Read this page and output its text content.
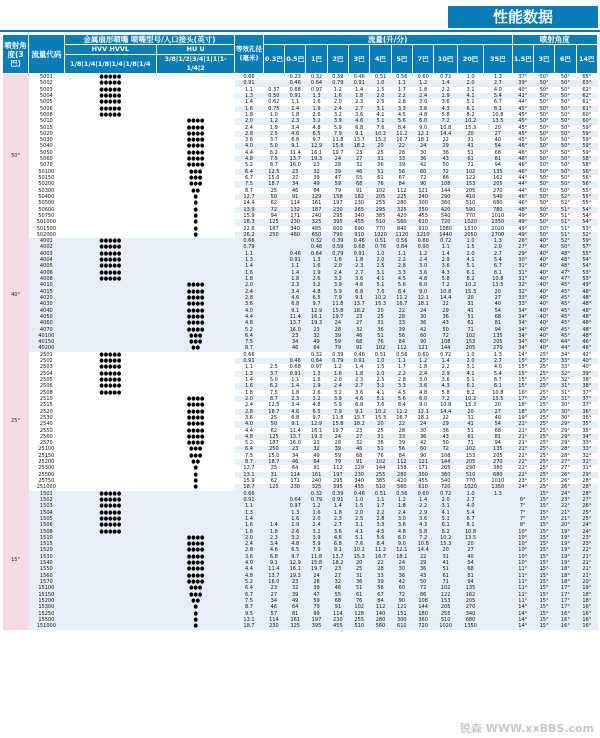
性能数据
喷射角度(3巴)	流量代码	金属扇形喷嘴 喷嘴型号/入口接头(英寸)		等效孔径(毫米)	流量(升/分)											喷射角度			
		HVV HVVL	HU U		0.3巴	0.5巴	1巴	2巴	3巴	4巴	5巴	7巴	10巴	20巴	35巴	1.5巴	3巴	6巴	14巴
		1/8|1/4|1/8|1/4|1/8|1/4	3/8|1/2|3/4|1|1|1-1/4|2																
50°	5001	●●●●●		0.66		0.23	0.32	0.39	0.46	0.51	0.56	0.60	0.72	1.0	1.3	37°	50°	50°	65°
	5002	●●●●●		0.91		0.46	0.64	0.79	0.91	1.0	1.1	1.2	1.4	2.0	2.7	39°	50°	50°	63°
	5003	●●●●●		1.1	0.37	0.68	0.97	1.2	1.4	1.5	1.7	1.8	2.2	3.1	4.0	40°	50°	50°	62°
	5004	●●●●●		1.3	0.50	0.91	1.3	1.6	1.8	2.0	2.2	2.4	2.9	4.1	5.4	42°	50°	50°	62°
	5005	●●●●●		1.4	0.62	1.1	1.6	2.0	2.3	2.5	2.8	3.0	3.6	5.1	6.7	44°	50°	50°	61°
	5006	●●●●●		1.6	0.75	1.4	1.9	2.4	2.7	3.1	3.3	3.6	4.3	6.1	8.1	45°	50°	50°	61°
	5008	●●●●●		1.8	1.0	1.8	2.6	3.2	3.6	4.1	4.5	4.8	5.8	8.2	10.8	45°	50°	50°	60°
	5010		●●●●	2.0	1.2	2.3	3.2	3.9	4.6	5.1	5.6	6.0	7.2	10.2	13.5	45°	50°	50°	60°
	5015		●●●●	2.4	1.9	3.4	4.8	5.9	6.8	7.6	8.4	9.0	10.8	15.3	20	45°	50°	50°	59°
	5020		●●●●	2.8	2.5	4.6	6.5	7.9	9.1	10.2	11.2	12.1	14.4	20	27	45°	50°	50°	59°
	5030		●●●●	3.6	3.7	6.8	9.7	11.8	13.7	15.3	16.7	18.1	22	31	40	45°	50°	50°	59°
	5040		●●●●	4.0	5.0	9.1	12.9	15.8	18.2	20	22	24	29	41	54	46°	50°	50°	59°
	5050		●●●●	4.4	6.2	11.4	16.1	19.7	23	25	28	30	36	51	68	46°	50°	50°	59°
	5060		●●●●	4.8	7.5	13.7	19.3	24	27	31	33	36	43	61	81	46°	50°	50°	58°
	5070		●●●●	5.2	8.7	16.0	23	28	32	36	39	42	50	71	94	46°	50°	50°	58°
	50100		●●●	6.4	12.5	23	32	39	46	51	56	60	72	102	135	46°	50°	50°	56°
	50150		●●●	6.7	15.0	27	39	47	55	61	67	72	86	122	162	44°	50°	50°	56°
	50200		●●●	7.5	18.7	34	49	59	68	76	84	90	108	153	205	44°	50°	50°	56°
	50300		●●	8.7	25	46	64	79	91	102	112	121	144	205	270	44°	50°	50°	55°
	50400		●	12.7	50	91	129	158	182	205	225	240	290	410	540	46°	50°	52°	55°
	50500		●	14.4	62	114	161	197	230	255	280	300	360	510	680	46°	50°	52°	55°
	50600		●	13.9	72	132	187	230	265	295	325	350	420	590	780	48°	50°	51°	54°
	50750		●	15.9	94	171	240	295	340	385	420	455	540	770	1010	49°	50°	51°	54°
	501000		●	18.3	125	230	325	395	455	510	560	610	720	1020	1350	49°	50°	51°	54°
	501500		●	22.6	187	340	485	600	690	770	840	910	1080	1530	2020	49°	50°	51°	53°
	502000		●	26.2	250	460	650	790	910	1020	1120	1210	1440	2050	2700	49°	50°	51°	52°
40°	4001	●●●●●		0.66			0.32	0.39	0.46	0.51	0.56	0.60	0.72	1.0	1.3	26°	40°	52°	59°
	4002	●●●●●		0.79			0.48	0.59	0.68	0.76	0.84	0.90	1.1	1.5	2.0	27°	40°	50°	57°
	4003	●●●●●		1.1		0.46	0.64	0.79	0.91	1.0	1.1	1.2	1.4	2.0	2.7	29°	40°	48°	55°
	4004	●●●●●		1.3		0.91	1.3	1.6	1.8	2.0	2.2	2.4	2.9	4.1	5.4	30°	40°	48°	54°
	4005	●●●●●		1.4		1.1	1.6	2.0	2.3	2.5	2.8	3.0	3.6	5.1	6.7	31°	40°	48°	54°
	4006	●●●●●		1.6		1.4	1.9	2.4	2.7	3.1	3.3	3.6	4.3	6.1	8.1	31°	40°	47°	53°
	4008	●●●●●		1.8		1.8	2.6	3.2	3.6	4.1	4.5	4.8	5.8	8.2	10.8	31°	40°	47°	53°
	4010		●●●●	2.0		2.3	3.2	3.9	4.6	5.1	5.6	6.0	7.2	10.2	13.5	32°	40°	45°	49°
	4015		●●●●	2.4		3.4	4.8	5.9	6.8	7.6	8.4	9.0	10.8	15.3	20	32°	40°	45°	48°
	4020		●●●●	2.8		4.6	6.5	7.9	9.1	10.2	11.2	12.1	14.4	20	27	33°	40°	45°	48°
	4030		●●●●	3.6		6.8	9.7	11.8	13.7	15.3	16.7	18.1	22	31	40	33°	40°	45°	48°
	4040		●●●●	4.0		9.1	12.9	15.8	18.2	20	22	24	29	41	54	34°	40°	45°	48°
	4050		●●●●	4.4		11.4	16.1	19.7	23	25	28	30	36	51	68	34°	40°	45°	48°
	4060		●●●●	4.8		13.7	19.3	24	27	31	33	36	43	61	81	34°	40°	45°	48°
	4070		●●●●	5.2		16.0	23	28	32	36	39	42	50	71	94	34°	40°	45°	48°
	40100		●●●	6.4		23	32	39	46	51	56	60	72	102	135	34°	40°	45°	48°
	40150		●●●	7.5		34	49	59	68	76	84	90	108	153	205	34°	40°	44°	46°
	40200		●●	8.7		46	64	79	91	102	112	121	144	205	270	34°	40°	44°	46°
25°	2501	●●●●●		0.66			0.32	0.39	0.46	0.51	0.56	0.60	0.72	1.0	1.3	14°	25°	34°	42°
	2502	●●●●●		0.91		0.46	0.64	0.79	0.91	1.0	1.1	1.2	1.4	2.0	2.7	15°	25°	33°	40°
	2503	●●●●●		1.1	2.5	0.68	0.97	1.2	1.4	1.5	1.7	1.8	2.2	3.1	4.0	15°	25°	33°	40°
	2504	●●●●●		1.3	3.7	0.91	1.3	1.6	1.8	2.0	2.2	2.4	2.9	4.1	5.4	15°	25°	32°	39°
	2505	●●●●●		1.4	5.0	1.1	1.6	2.0	2.3	2.5	2.8	3.0	3.6	5.1	6.7	15°	25°	32°	38°
	2506	●●●●●		1.6	6.2	1.4	1.9	2.4	2.7	3.1	3.3	3.6	4.3	6.1	8.1	15°	25°	31°	38°
	2508	●●●●●		1.8	7.5	1.8	2.6	3.2	3.6	4.1	4.5	4.8	5.8	8.2	10.8	16°	25°	31°	37°
	2510		●●●●	2.0	8.7	2.3	3.2	3.9	4.6	5.1	5.6	6.0	7.2	10.2	13.5	17°	25°	31°	37°
	2515		●●●●	2.4	12.5	3.4	4.8	5.9	6.8	7.6	8.4	9.0	10.8	15.3	20	18°	25°	30°	37°
	2520		●●●●	2.8	18.7	4.6	6.5	7.9	9.1	10.2	11.2	12.1	14.4	20	27	18°	25°	30°	36°
	2530		●●●●	3.6	25	6.8	9.7	11.8	13.7	15.3	16.7	18.1	22	31	40	19°	25°	30°	36°
	2540		●●●●	4.0	50	9.1	12.9	15.8	18.2	20	22	24	29	41	54	21°	25°	29°	35°
	2550		●●●●	4.4	62	11.4	16.1	19.7	23	25	28	30	36	51	68	21°	25°	29°	35°
	2560		●●●●	4.8	125	13.7	19.3	24	27	31	33	36	43	61	81	21°	25°	29°	34°
	2570		●●●●	5.2	187	16.0	23	28	32	36	39	42	50	71	94	21°	25°	29°	33°
	25100		●●●	6.4	250	23	32	39	46	51	56	60	72	102	135	21°	25°	28°	33°
	25150		●●●	7.5	15.0	34	49	59	68	76	84	90	108	153	205	22°	25°	28°	32°
	25200		●●	8.7	18.7	46	64	79	91	102	112	121	144	205	270	22°	25°	27°	31°
	25300		●	12.7	25	64	91	112	129	144	158	171	205	290	380	22°	25°	27°	31°
	25500		●	13.1	31	114	161	197	230	255	280	300	360	510	680	22°	25°	26°	29°
	25750		●	15.9	62	171	240	295	340	385	420	455	540	770	1010	23°	25°	26°	28°
	251000		●	18.7	125	230	325	395	455	510	560	610	720	1020	1350	24°	25°	26°	28°
15°	1501	●●●●●		0.66			0.32	0.39	0.46	0.51	0.56	0.60	0.72	1.0	1.3		15°	24°	28°
	1502	●●●●●		0.91		0.64	0.79	0.91	1.0	1.1	1.2	1.4	2.0	2.7		6°	15°	23°	27°
	1503	●●●●●		1.1		0.97	1.2	1.4	1.5	1.7	1.8	2.2	3.1	4.0		7°	15°	22°	26°
	1504	●●●●●		1.3		1.3	1.6	1.8	2.0	2.2	2.4	2.9	4.1	5.4		7°	15°	21°	25°
	1505	●●●●●		1.4		1.6	2.0	2.3	2.5	2.8	3.0	3.6	5.1	6.7		7°	15°	21°	25°
	1506	●●●●●		1.6	1.4	1.9	2.4	2.7	3.1	3.3	3.6	4.3	6.1	8.1		8°	15°	20°	24°
	1508	●●●●●		1.8	1.8	2.6	3.2	3.6	4.1	4.5	4.8	5.8	8.2	10.8		10°	15°	19°	24°
	1510		●●●●	2.0	2.3	3.2	3.9	4.6	5.1	5.6	6.0	7.2	10.2	13.5		10°	15°	19°	23°
	1515		●●●●	2.4	3.4	4.8	5.9	6.8	7.6	8.4	9.0	10.8	15.3	20		10°	15°	19°	23°
	1520		●●●●	2.8	4.6	6.5	7.9	9.1	10.2	11.2	12.1	14.4	20	27		10°	15°	19°	22°
	1530		●●●●	3.6	6.8	9.7	11.8	13.7	15.3	16.7	18.1	22	31	40		10°	15°	19°	21°
	1540		●●●●	4.0	9.1	12.9	15.8	18.2	20	22	24	29	41	54		10°	15°	19°	21°
	1550		●●●●	4.4	11.4	16.1	19.7	23	25	28	30	36	51	68		11°	15°	18°	21°
	1560		●●●●	4.8	13.7	19.3	24	27	31	33	36	43	61	81		11°	15°	18°	21°
	1570		●●●●	5.2	16.0	23	28	32	36	39	42	50	71	94		11°	15°	18°	20°
	15100		●●●	6.4	23	32	39	46	51	56	60	72	102	135		11°	15°	17°	19°
	15150		●●●	6.7	27	39	47	55	61	67	72	86	122	162		11°	15°	17°	18°
	15200		●●	7.5	34	49	59	68	76	84	90	108	153	205		11°	15°	17°	18°
	15300		●	8.7	46	64	79	91	102	112	121	144	205	270		14°	15°	17°	16°
	15250		●	9.5	57	81	99	114	128	140	151	180	255	340		14°	15°	16°	16°
	15500		●	13.1	114	161	197	230	255	280	300	360	510	680		14°	15°	16°	16°
	151000		●	18.7	230	325	395	455	510	560	610	720	1020	1350		14°	15°	16°	16°
锐森 WWW.xxBBS.com
